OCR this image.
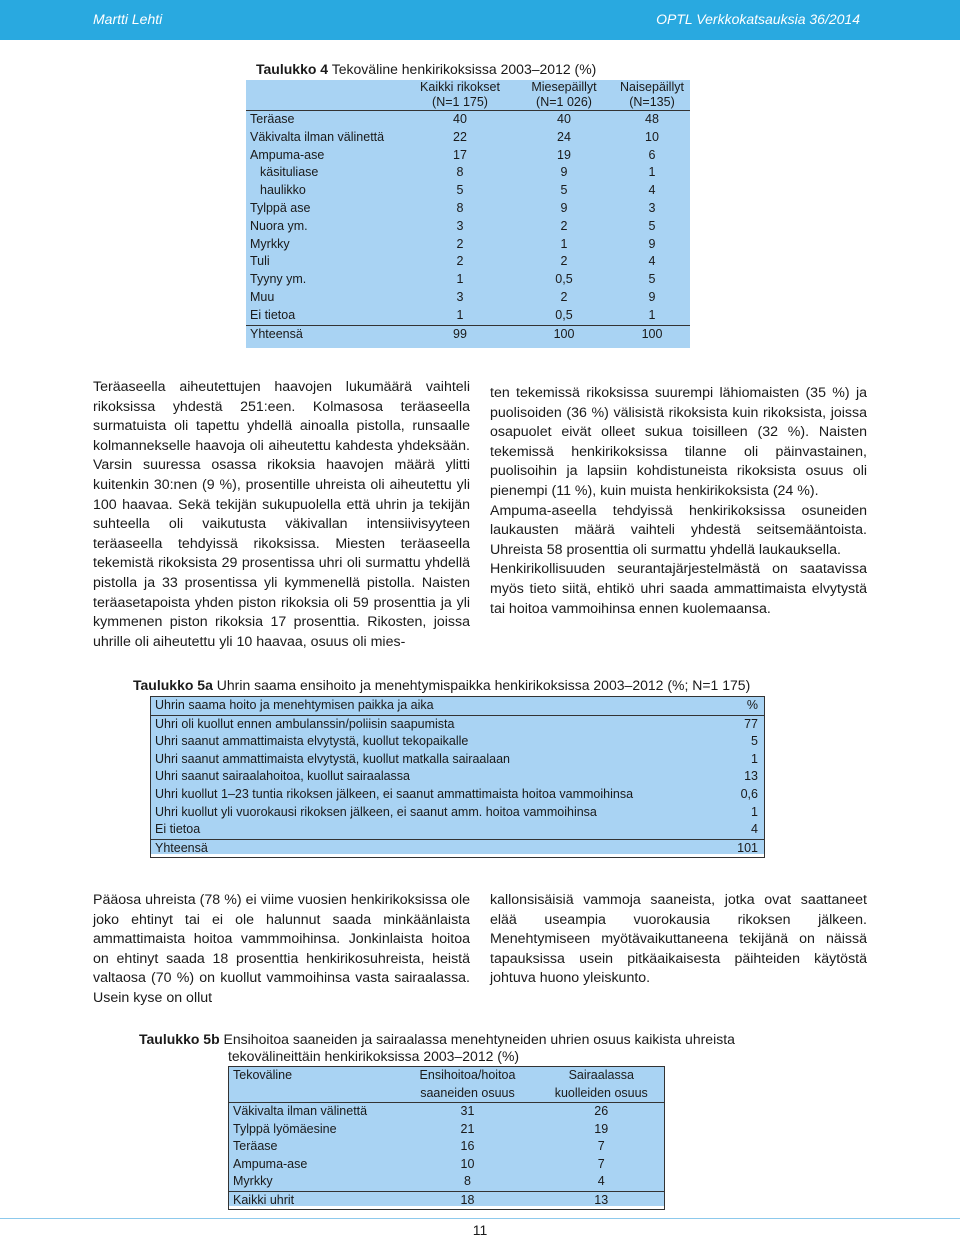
Martti Lehti	OPTL Verkkokatsauksia 36/2014
Taulukko 4 Tekoväline henkirikoksissa 2003–2012 (%)
	Kaikki rikokset	Miesepäillyt	Naisepäillyt
	(N=1 175)	(N=1 026)	(N=135)
Teräase	40	40	48
Väkivalta ilman välinettä	22	24	10
Ampuma-ase	17	19	6
käsituliase	8	9	1
haulikko	5	5	4
Tylppä ase	8	9	3
Nuora ym.	3	2	5
Myrkky	2	1	9
Tuli	2	2	4
Tyyny ym.	1	0,5	5
Muu	3	2	9
Ei tietoa	1	0,5	1
Yhteensä	99	100	100
Teräaseella aiheutettujen haavojen lukumäärä vaihteli rikoksissa yhdestä 251:een. Kolmasosa teräaseella surmatuista oli tapettu yhdellä ainoalla pistolla, runsaalle kolmannekselle haavoja oli aiheutettu kahdesta yhdeksään. Varsin suuressa osassa rikoksia haavojen määrä ylitti kuitenkin 30:nen (9 %), prosentille uhreista oli aiheutettu yli 100 haavaa. Sekä tekijän sukupuolella että uhrin ja tekijän suhteella oli vaikutusta väkivallan intensiivisyyteen teräaseella tehdyissä rikoksissa. Miesten teräaseella tekemistä rikoksista 29 prosentissa uhri oli surmattu yhdellä pistolla ja 33 prosentissa yli kymmenellä pistolla. Naisten teräasetapoista yhden piston rikoksia oli 59 prosenttia ja yli kymmenen piston rikoksia 17 prosenttia. Rikosten, joissa uhrille oli aiheutettu yli 10 haavaa, osuus oli mies-
ten tekemissä rikoksissa suurempi lähiomaisten (35 %) ja puolisoiden (36 %) välisistä rikoksista kuin rikoksista, joissa osapuolet eivät olleet sukua toisilleen (32 %). Naisten tekemissä henkirikoksissa tilanne oli päinvastainen, puolisoihin ja lapsiin kohdistuneista rikoksista osuus oli pienempi (11 %), kuin muista henkirikoksista (24 %).
Ampuma-aseella tehdyissä henkirikoksissa osuneiden laukausten määrä vaihteli yhdestä seitsemääntoista. Uhreista 58 prosenttia oli surmattu yhdellä laukauksella.
Henkirikollisuuden seurantajärjestelmästä on saatavissa myös tieto siitä, ehtikö uhri saada ammattimaista elvytystä tai hoitoa vammoihinsa ennen kuolemaansa.
Taulukko 5a Uhrin saama ensihoito ja menehtymispaikka henkirikoksissa 2003–2012 (%; N=1 175)
Uhrin saama hoito ja menehtymisen paikka ja aika	%
Uhri oli kuollut ennen ambulanssin/poliisin saapumista	77
Uhri saanut ammattimaista elvytystä, kuollut tekopaikalle	5
Uhri saanut ammattimaista elvytystä, kuollut matkalla sairaalaan	1
Uhri saanut sairaalahoitoa, kuollut sairaalassa	13
Uhri kuollut 1–23 tuntia rikoksen jälkeen, ei saanut ammattimaista hoitoa vammoihinsa	0,6
Uhri kuollut yli vuorokausi rikoksen jälkeen, ei saanut amm. hoitoa vammoihinsa	1
Ei tietoa	4
Yhteensä	101
Pääosa uhreista (78 %) ei viime vuosien henkirikoksissa ole joko ehtinyt tai ei ole halunnut saada minkäänlaista ammattimaista hoitoa vammmoihinsa. Jonkinlaista hoitoa on ehtinyt saada 18 prosenttia henkirikosuhreista, heistä valtaosa (70 %) on kuollut vammoihinsa vasta sairaalassa. Usein kyse on ollut
kallonsisäisiä vammoja saaneista, jotka ovat saattaneet elää useampia vuorokausia rikoksen jälkeen. Menehtymiseen myötävaikuttaneena tekijänä on näissä tapauksissa usein pitkäaikaisesta päihteiden käytöstä johtuva huono yleiskunto.
Taulukko 5b Ensihoitoa saaneiden ja sairaalassa menehtyneiden uhrien osuus kaikista uhreista
tekovälineittäin henkirikoksissa 2003–2012 (%)
Tekoväline	Ensihoitoa/hoitoa	Sairaalassa
	saaneiden osuus	kuolleiden osuus
Väkivalta ilman välinettä	31	26
Tylppä lyömäesine	21	19
Teräase	16	7
Ampuma-ase	10	7
Myrkky	8	4
Kaikki uhrit	18	13
11
